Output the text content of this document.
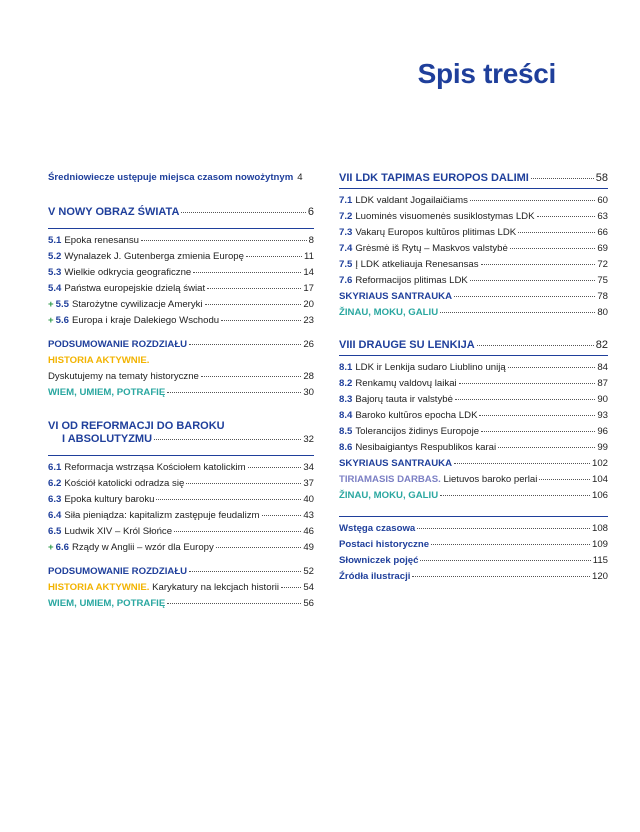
Spis treści
Średniowiecze ustępuje miejsca czasom nowożytnym 4
V NOWY OBRAZ ŚWIATA	6
5.1 Epoka renesansu	8
5.2 Wynalazek J. Gutenberga zmienia Europę	11
5.3 Wielkie odkrycia geograficzne	14
5.4 Państwa europejskie dzielą świat	17
+ 5.5 Starożytne cywilizacje Ameryki	20
+ 5.6 Europa i kraje Dalekiego Wschodu	23
PODSUMOWANIE ROZDZIAŁU	26
HISTORIA AKTYWNIE.
Dyskutujemy na tematy historyczne	28
WIEM, UMIEM, POTRAFIĘ	30
VI OD REFORMACJI DO BAROKU
I ABSOLUTYZMU	32
6.1 Reformacja wstrząsa Kościołem katolickim	34
6.2 Kościół katolicki odradza się	37
6.3 Epoka kultury baroku	40
6.4 Siła pieniądza: kapitalizm zastępuje feudalizm	43
6.5 Ludwik XIV – Król Słońce	46
+ 6.6 Rządy w Anglii – wzór dla Europy	49
PODSUMOWANIE ROZDZIAŁU	52
HISTORIA AKTYWNIE. Karykatury na lekcjach historii	54
WIEM, UMIEM, POTRAFIĘ	56
VII LDK TAPIMAS EUROPOS DALIMI	58
7.1 LDK valdant Jogailaičiams	60
7.2 Luominės visuomenės susiklostymas LDK	63
7.3 Vakarų Europos kultūros plitimas LDK	66
7.4 Grėsmė iš Rytų – Maskvos valstybė	69
7.5 Į LDK atkeliauja Renesansas	72
7.6 Reformacijos plitimas LDK	75
SKYRIAUS SANTRAUKA	78
ŽINAU, MOKU, GALIU	80
VIII DRAUGE SU LENKIJA	82
8.1 LDK ir Lenkija sudaro Liublino uniją	84
8.2 Renkamų valdovų laikai	87
8.3 Bajorų tauta ir valstybė	90
8.4 Baroko kultūros epocha LDK	93
8.5 Tolerancijos židinys Europoje	96
8.6 Nesibaigiantys Respublikos karai	99
SKYRIAUS SANTRAUKA	102
TIRIAMASIS DARBAS. Lietuvos baroko perlai	104
ŽINAU, MOKU, GALIU	106
Wstęga czasowa	108
Postaci historyczne	109
Słowniczek pojęć	115
Źródła ilustracji	120
